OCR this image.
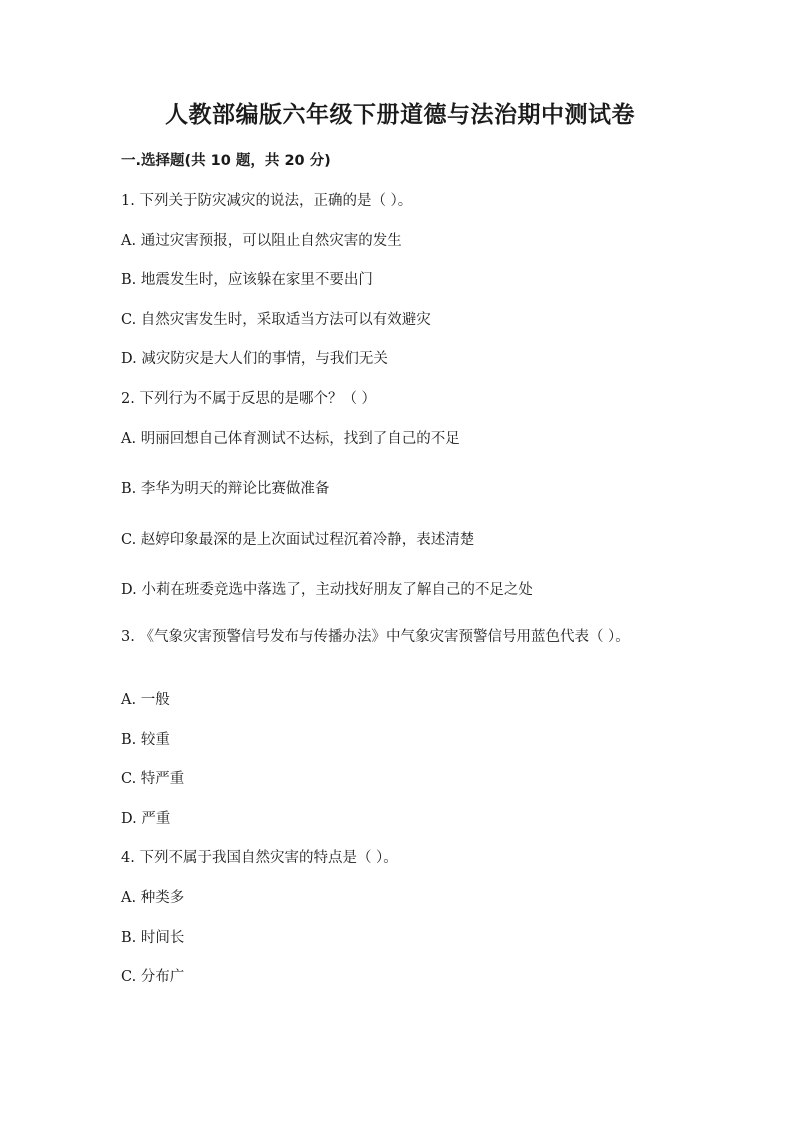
人教部编版六年级下册道德与法治期中测试卷
一.选择题(共 10 题，共 20 分)
1. 下列关于防灾减灾的说法，正确的是（ ）。
A. 通过灾害预报，可以阻止自然灾害的发生
B. 地震发生时，应该躲在家里不要出门
C. 自然灾害发生时，采取适当方法可以有效避灾
D. 减灾防灾是大人们的事情，与我们无关
2. 下列行为不属于反思的是哪个？（ ）
A. 明丽回想自己体育测试不达标，找到了自己的不足
B. 李华为明天的辩论比赛做准备
C. 赵婷印象最深的是上次面试过程沉着冷静，表述清楚
D. 小莉在班委竞选中落选了，主动找好朋友了解自己的不足之处
3. 《气象灾害预警信号发布与传播办法》中气象灾害预警信号用蓝色代表（ ）。
A. 一般
B. 较重
C. 特严重
D. 严重
4. 下列不属于我国自然灾害的特点是（ ）。
A. 种类多
B. 时间长
C. 分布广
